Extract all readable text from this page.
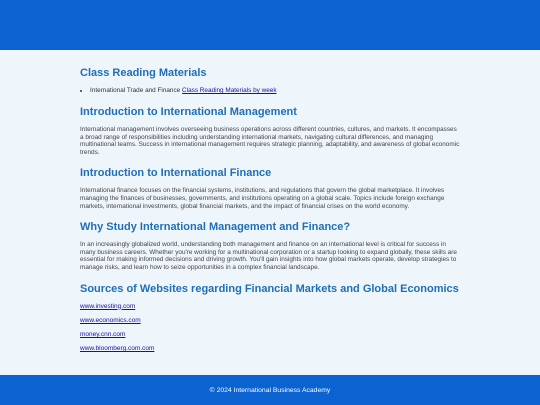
Class Reading Materials
• International Trade and Finance Class Reading Materials by week
Introduction to International Management

International management involves overseeing business operations across different countries, cultures, and markets. It encompasses a broad range of responsibilities including understanding international markets, navigating cultural differences, and managing multinational teams. Success in international management requires strategic planning, adaptability, and awareness of global economic trends.

Introduction to International Finance

International finance focuses on the financial systems, institutions, and regulations that govern the global marketplace. It involves managing the finances of businesses, governments, and institutions operating on a global scale. Topics include foreign exchange markets, international investments, global financial markets, and the impact of financial crises on the world economy.

Why Study International Management and Finance?

In an increasingly globalized world, understanding both management and finance on an international level is critical for success in many business careers. Whether you're working for a multinational corporation or a startup looking to expand globally, these skills are essential for making informed decisions and driving growth. You'll gain insights into how global markets operate, develop strategies to manage risks, and learn how to seize opportunities in a complex financial landscape.

Sources of Websites regarding Financial Markets and Global Economics
www.investing.com
www.economics.com
money.cnn.com
www.bloomberg.com.com
© 2024 International Business Academy
